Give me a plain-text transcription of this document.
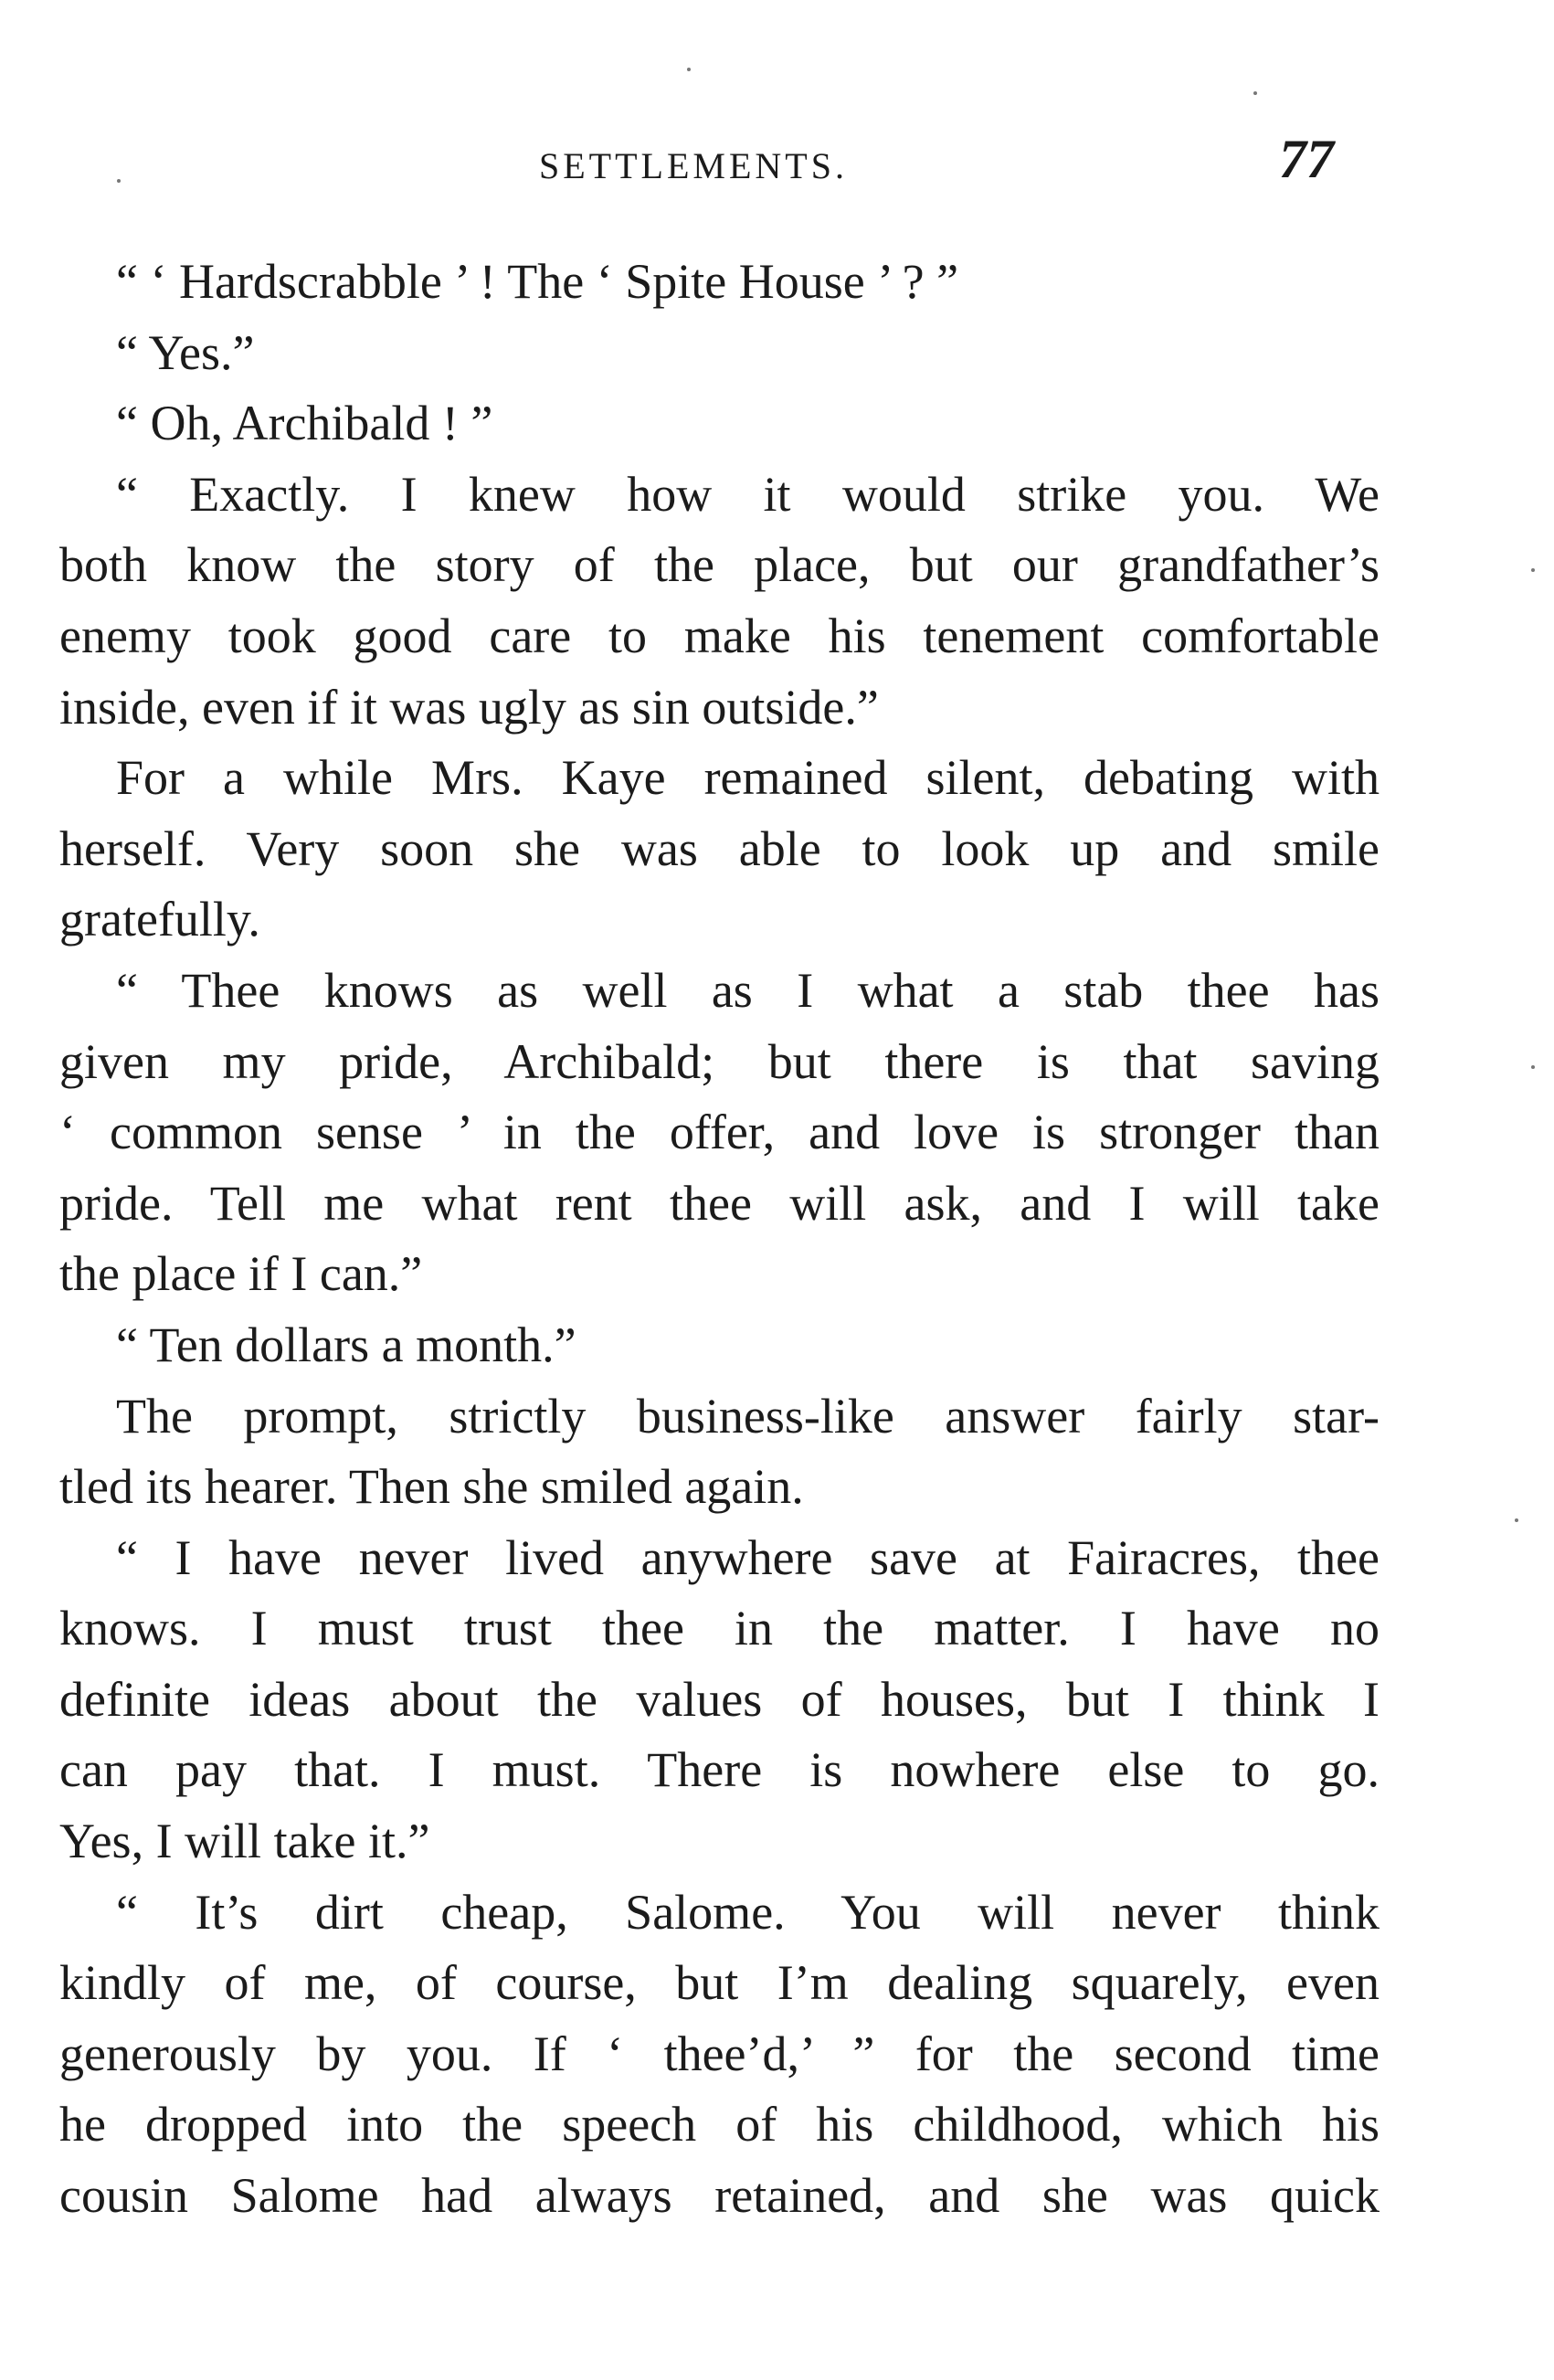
SETTLEMENTS.	77
“ ‘ Hardscrabble ’ ! The ‘ Spite House ’ ? ”
“ Yes.”
“ Oh, Archibald ! ”
“ Exactly. I knew how it would strike you. We
both know the story of the place, but our grandfather’s
enemy took good care to make his tenement comfortable
inside, even if it was ugly as sin outside.”
For a while Mrs. Kaye remained silent, debating with
herself. Very soon she was able to look up and smile
gratefully.
“ Thee knows as well as I what a stab thee has
given my pride, Archibald; but there is that saving
‘ common sense ’ in the offer, and love is stronger than
pride. Tell me what rent thee will ask, and I will take
the place if I can.”
“ Ten dollars a month.”
The prompt, strictly business-like answer fairly star-
tled its hearer. Then she smiled again.
“ I have never lived anywhere save at Fairacres, thee
knows. I must trust thee in the matter. I have no
definite ideas about the values of houses, but I think I
can pay that. I must. There is nowhere else to go.
Yes, I will take it.”
“ It’s dirt cheap, Salome. You will never think
kindly of me, of course, but I’m dealing squarely, even
generously by you. If ‘ thee’d,’ ” for the second time
he dropped into the speech of his childhood, which his
cousin Salome had always retained, and she was quick
